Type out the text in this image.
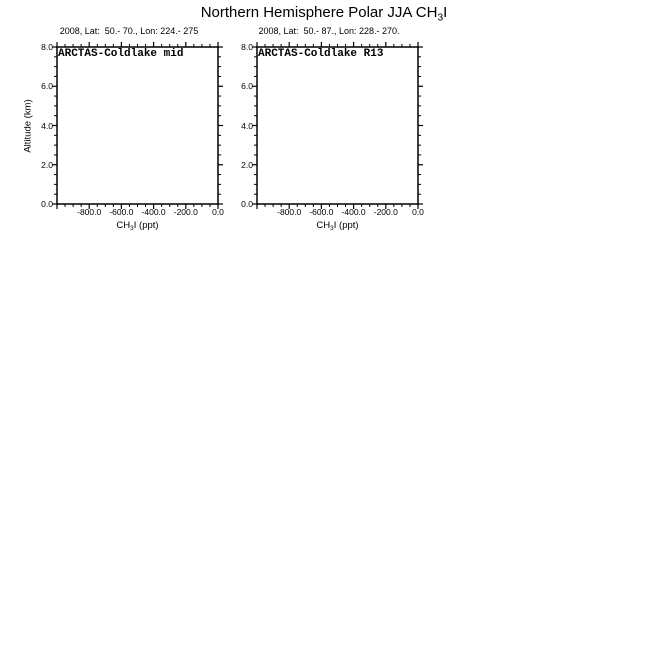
Northern Hemisphere Polar JJA $CH_3I$
2008, Lat:  50.- 70., Lon: 224.- 275
ARCTAS-Coldlake mid
0.0
2.0
4.0
6.0
8.0
-800.0 -600.0 -400.0 -200.0	0.0
$CH_3I$ (ppt)
Altitude (km)
2008, Lat:  50.- 87., Lon: 228.- 270.
ARCTAS-Coldlake R13
0.0
2.0
4.0
6.0
8.0
-800.0 -600.0 -400.0 -200.0	0.0
$CH_3I$ (ppt)
